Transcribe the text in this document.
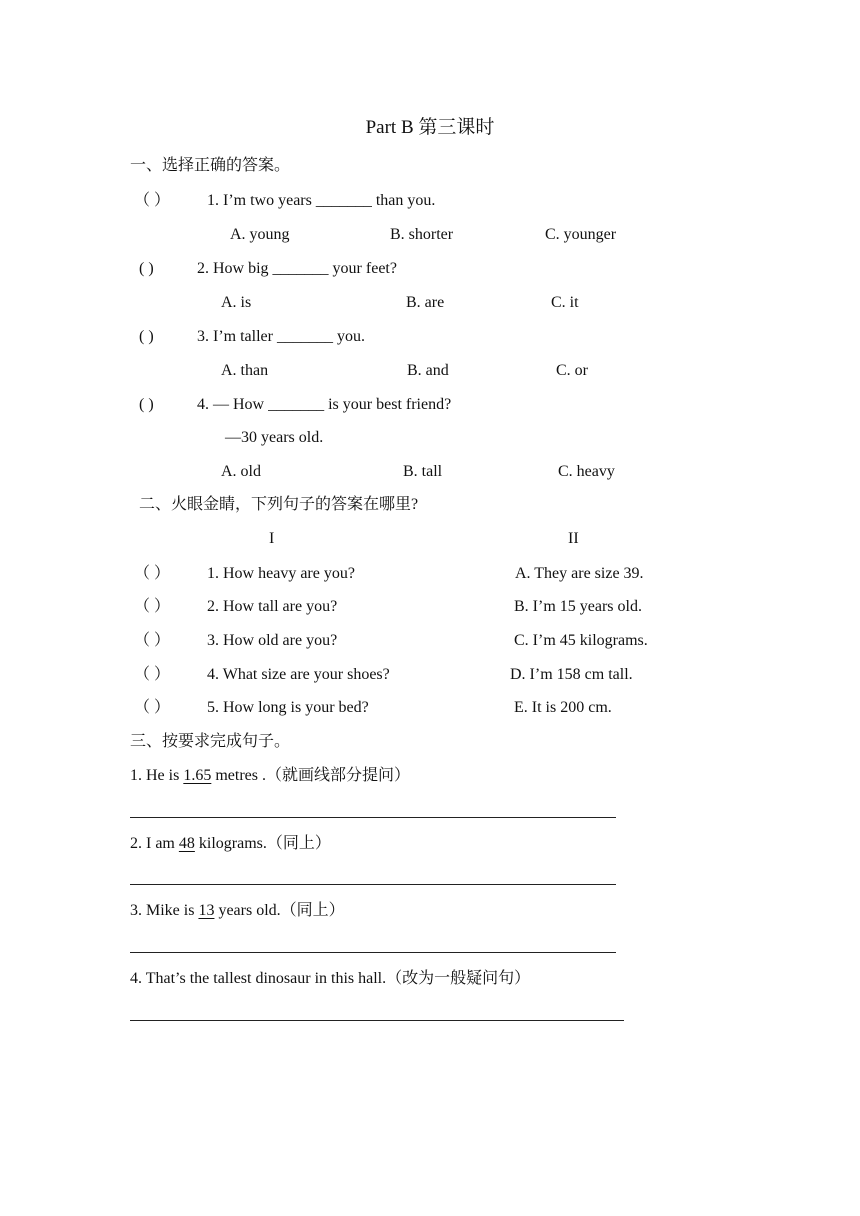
Part B 第三课时
一、选择正确的答案。
（ ） 1. I’m two years _______ than you.
A. young	B. shorter	C. younger
( )	2. How big _______ your feet?
A. is	B. are	C. it
( )	3. I’m taller _______ you.
A. than	B. and	C. or
( )	4. — How _______ is your best friend?
—30 years old.
A. old	B. tall	C. heavy
二、火眼金睛，下列句子的答案在哪里?
I	II
（ ） 1. How heavy are you?	A. They are size 39.
（ ） 2. How tall are you?	B. I’m 15 years old.
（ ） 3. How old are you?	C. I’m 45 kilograms.
（ ） 4. What size are your shoes?	D. I’m 158 cm tall.
（ ） 5. How long is your bed?	E. It is 200 cm.
三、按要求完成句子。
1. He is 1.65 metres .（就画线部分提问）
2. I am 48 kilograms.（同上）
3. Mike is 13 years old.（同上）
4. That’s the tallest dinosaur in this hall.（改为一般疑问句）
